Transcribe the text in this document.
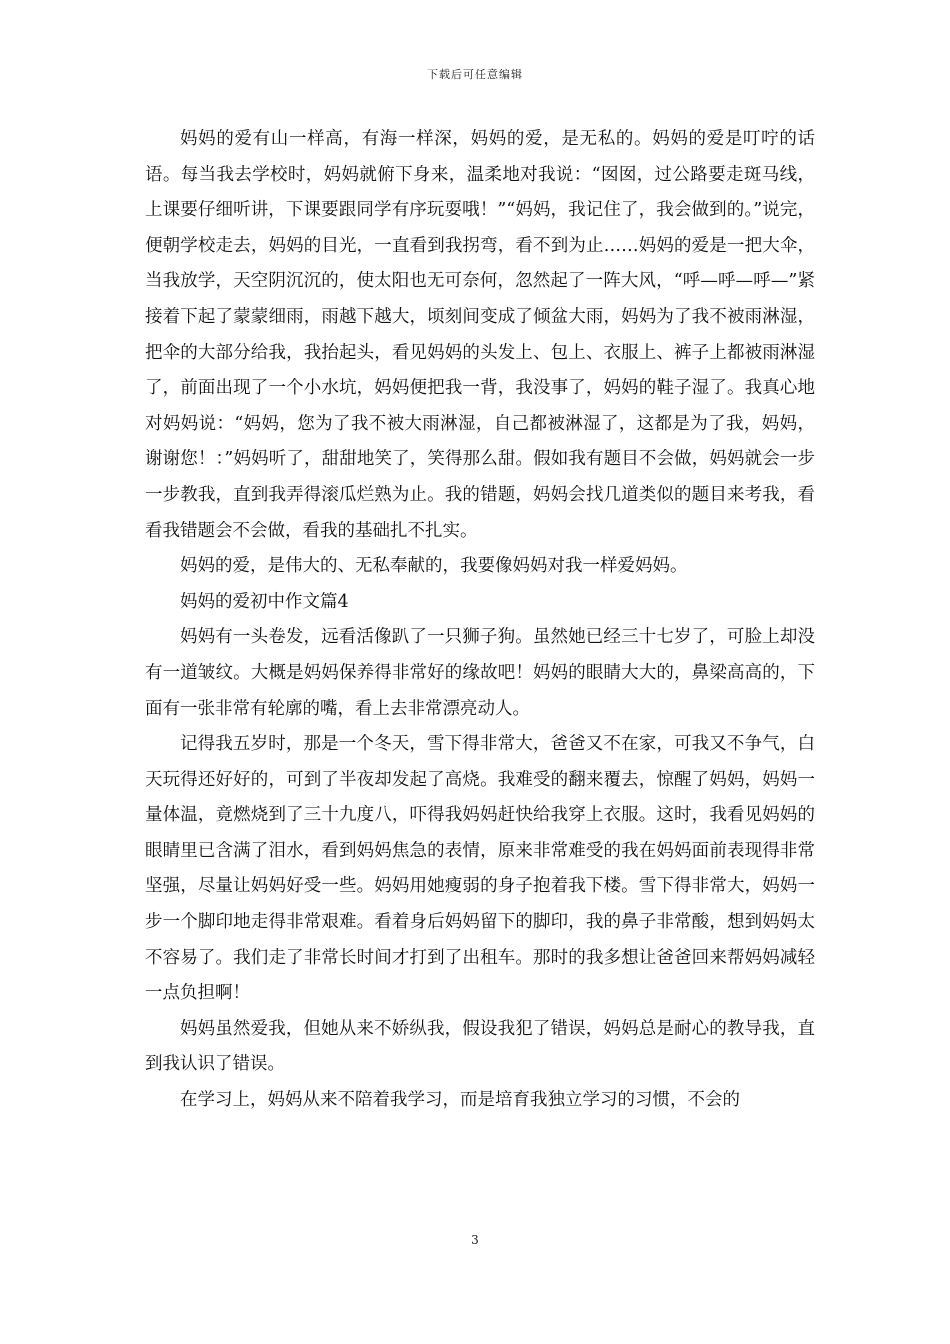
下载后可任意编辑

妈妈的爱有山一样高，有海一样深，妈妈的爱，是无私的。妈妈的爱是叮咛的话语。每当我去学校时，妈妈就俯下身来，温柔地对我说：“囡囡，过公路要走斑马线，上课要仔细听讲，下课要跟同学有序玩耍哦！”“妈妈，我记住了，我会做到的。”说完，便朝学校走去，妈妈的目光，一直看到我拐弯，看不到为止……妈妈的爱是一把大伞，当我放学，天空阴沉沉的，使太阳也无可奈何，忽然起了一阵大风，“呼—呼—呼—”紧接着下起了蒙蒙细雨，雨越下越大，顷刻间变成了倾盆大雨，妈妈为了我不被雨淋湿，把伞的大部分给我，我抬起头，看见妈妈的头发上、包上、衣服上、裤子上都被雨淋湿了，前面出现了一个小水坑，妈妈便把我一背，我没事了，妈妈的鞋子湿了。我真心地对妈妈说：“妈妈，您为了我不被大雨淋湿，自己都被淋湿了，这都是为了我，妈妈，谢谢您！：”妈妈听了，甜甜地笑了，笑得那么甜。假如我有题目不会做，妈妈就会一步一步教我，直到我弄得滚瓜烂熟为止。我的错题，妈妈会找几道类似的题目来考我，看看我错题会不会做，看我的基础扎不扎实。

妈妈的爱，是伟大的、无私奉献的，我要像妈妈对我一样爱妈妈。

妈妈的爱初中作文篇4

妈妈有一头卷发，远看活像趴了一只狮子狗。虽然她已经三十七岁了，可脸上却没有一道皱纹。大概是妈妈保养得非常好的缘故吧！妈妈的眼睛大大的，鼻梁高高的，下面有一张非常有轮廓的嘴，看上去非常漂亮动人。

记得我五岁时，那是一个冬天，雪下得非常大，爸爸又不在家，可我又不争气，白天玩得还好好的，可到了半夜却发起了高烧。我难受的翻来覆去，惊醒了妈妈，妈妈一量体温，竟燃烧到了三十九度八，吓得我妈妈赶快给我穿上衣服。这时，我看见妈妈的眼睛里已含满了泪水，看到妈妈焦急的表情，原来非常难受的我在妈妈面前表现得非常坚强，尽量让妈妈好受一些。妈妈用她瘦弱的身子抱着我下楼。雪下得非常大，妈妈一步一个脚印地走得非常艰难。看着身后妈妈留下的脚印，我的鼻子非常酸，想到妈妈太不容易了。我们走了非常长时间才打到了出租车。那时的我多想让爸爸回来帮妈妈减轻一点负担啊！

妈妈虽然爱我，但她从来不娇纵我，假设我犯了错误，妈妈总是耐心的教导我，直到我认识了错误。

在学习上，妈妈从来不陪着我学习，而是培育我独立学习的习惯，不会的

3
